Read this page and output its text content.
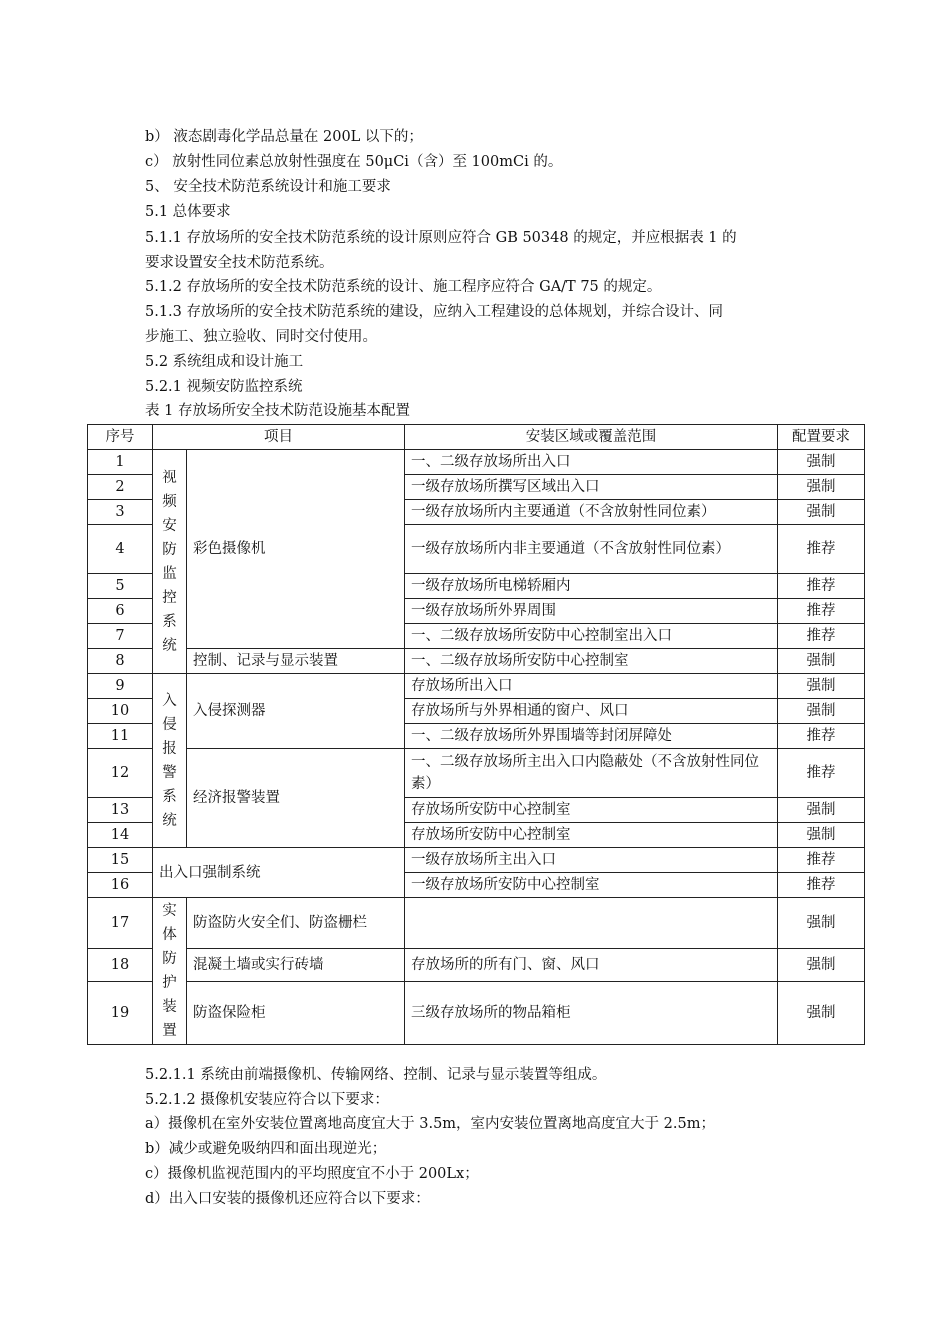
b） 液态剧毒化学品总量在 200L 以下的；
c） 放射性同位素总放射性强度在 50μCi（含）至 100mCi 的。
5、 安全技术防范系统设计和施工要求
5.1 总体要求
5.1.1 存放场所的安全技术防范系统的设计原则应符合 GB 50348 的规定，并应根据表 1 的
要求设置安全技术防范系统。
5.1.2 存放场所的安全技术防范系统的设计、施工程序应符合 GA/T 75 的规定。
5.1.3 存放场所的安全技术防范系统的建设，应纳入工程建设的总体规划，并综合设计、同
步施工、独立验收、同时交付使用。
5.2 系统组成和设计施工
5.2.1 视频安防监控系统
表 1 存放场所安全技术防范设施基本配置
序号	项目		安装区域或覆盖范围	配置要求
1	视频安防监控系统	彩色摄像机	一、二级存放场所出入口	强制
2			一级存放场所撰写区域出入口	强制
3			一级存放场所内主要通道（不含放射性同位素）	强制
4			一级存放场所内非主要通道（不含放射性同位素）	推荐
5			一级存放场所电梯轿厢内	推荐
6			一级存放场所外界周围	推荐
7			一、二级存放场所安防中心控制室出入口	推荐
8		控制、记录与显示装置	一、二级存放场所安防中心控制室	强制
9	入侵报警系统	入侵探测器	存放场所出入口	强制
10			存放场所与外界相通的窗户、风口	强制
11			一、二级存放场所外界围墙等封闭屏障处	推荐
12		经济报警装置	一、二级存放场所主出入口内隐蔽处（不含放射性同位素）	推荐
13			存放场所安防中心控制室	强制
14			存放场所安防中心控制室	强制
15	出入口强制系统		一级存放场所主出入口	推荐
16			一级存放场所安防中心控制室	推荐
17	实体防护装置	防盗防火安全们、防盗栅栏		强制
18		混凝土墙或实行砖墙	存放场所的所有门、窗、风口	强制
19		防盗保险柜	三级存放场所的物品箱柜	强制
5.2.1.1 系统由前端摄像机、传输网络、控制、记录与显示装置等组成。
5.2.1.2 摄像机安装应符合以下要求：
a）摄像机在室外安装位置离地高度宜大于 3.5m，室内安装位置离地高度宜大于 2.5m；
b）减少或避免吸纳四和面出现逆光；
c）摄像机监视范围内的平均照度宜不小于 200Lx；
d）出入口安装的摄像机还应符合以下要求：
